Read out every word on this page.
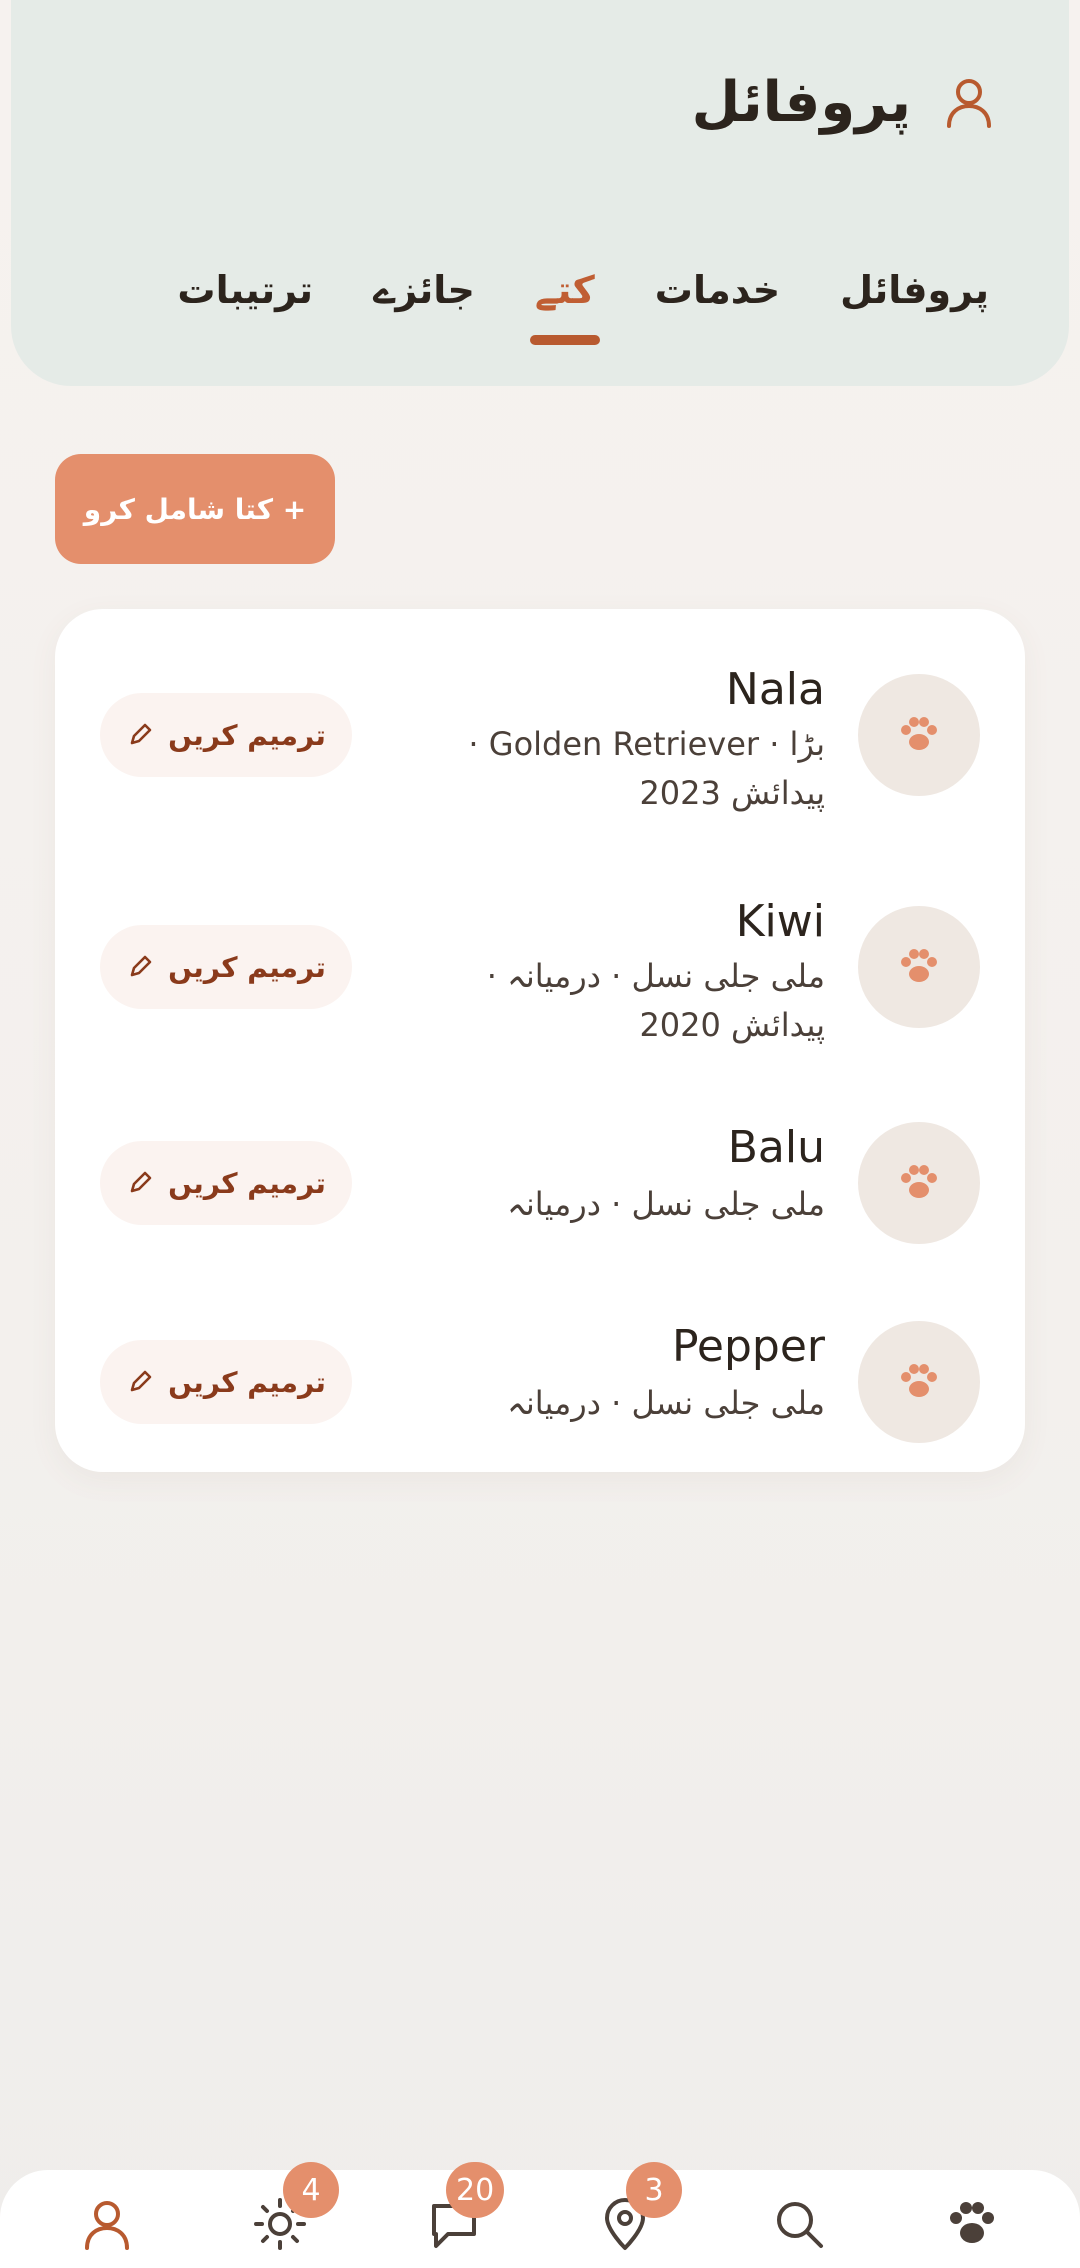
پروفائل
پروفائل
خدمات
کتے
جائزے
ترتیبات
+ کتا شامل کرو
Nala
بڑا · Golden Retriever · پیدائش 2023
ترمیم کریں
Kiwi
ملی جلی نسل · درمیانہ · پیدائش 2020
ترمیم کریں
Balu
ملی جلی نسل · درمیانہ
ترمیم کریں
Pepper
ملی جلی نسل · درمیانہ
ترمیم کریں
4	20	3
